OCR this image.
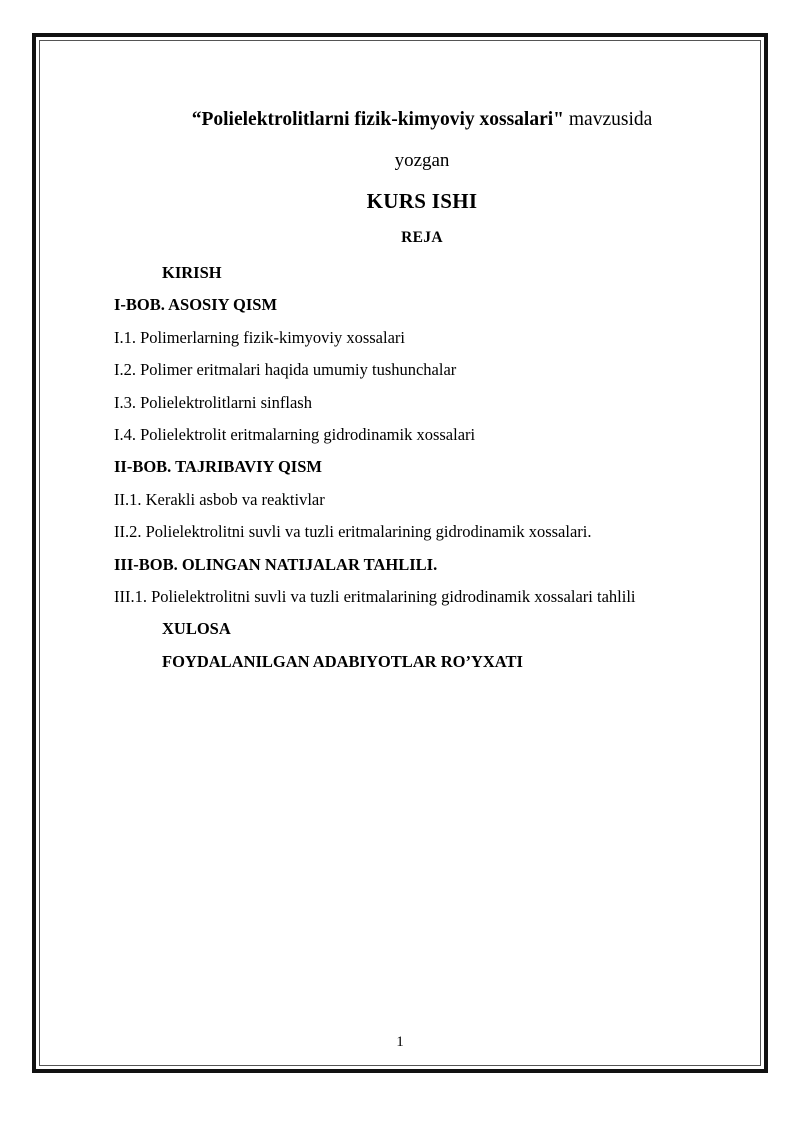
“Polielektrolitlarni fizik-kimyoviy xossalari" mavzusida

yozgan

KURS ISHI

REJA

KIRISH
I-BOB. ASOSIY QISM
I.1. Polimerlarning fizik-kimyoviy xossalari
I.2. Polimer eritmalari haqida umumiy tushunchalar
I.3. Polielektrolitlarni sinflash
I.4. Polielektrolit eritmalarning gidrodinamik xossalari
II-BOB. TAJRIBAVIY QISM
II.1. Kerakli asbob va reaktivlar
II.2. Polielektrolitni suvli va tuzli eritmalarining gidrodinamik xossalari.
III-BOB. OLINGAN NATIJALAR TAHLILI.
III.1. Polielektrolitni suvli va tuzli eritmalarining gidrodinamik xossalari tahlili
XULOSA
FOYDALANILGAN ADABIYOTLAR RO’YXATI
1
